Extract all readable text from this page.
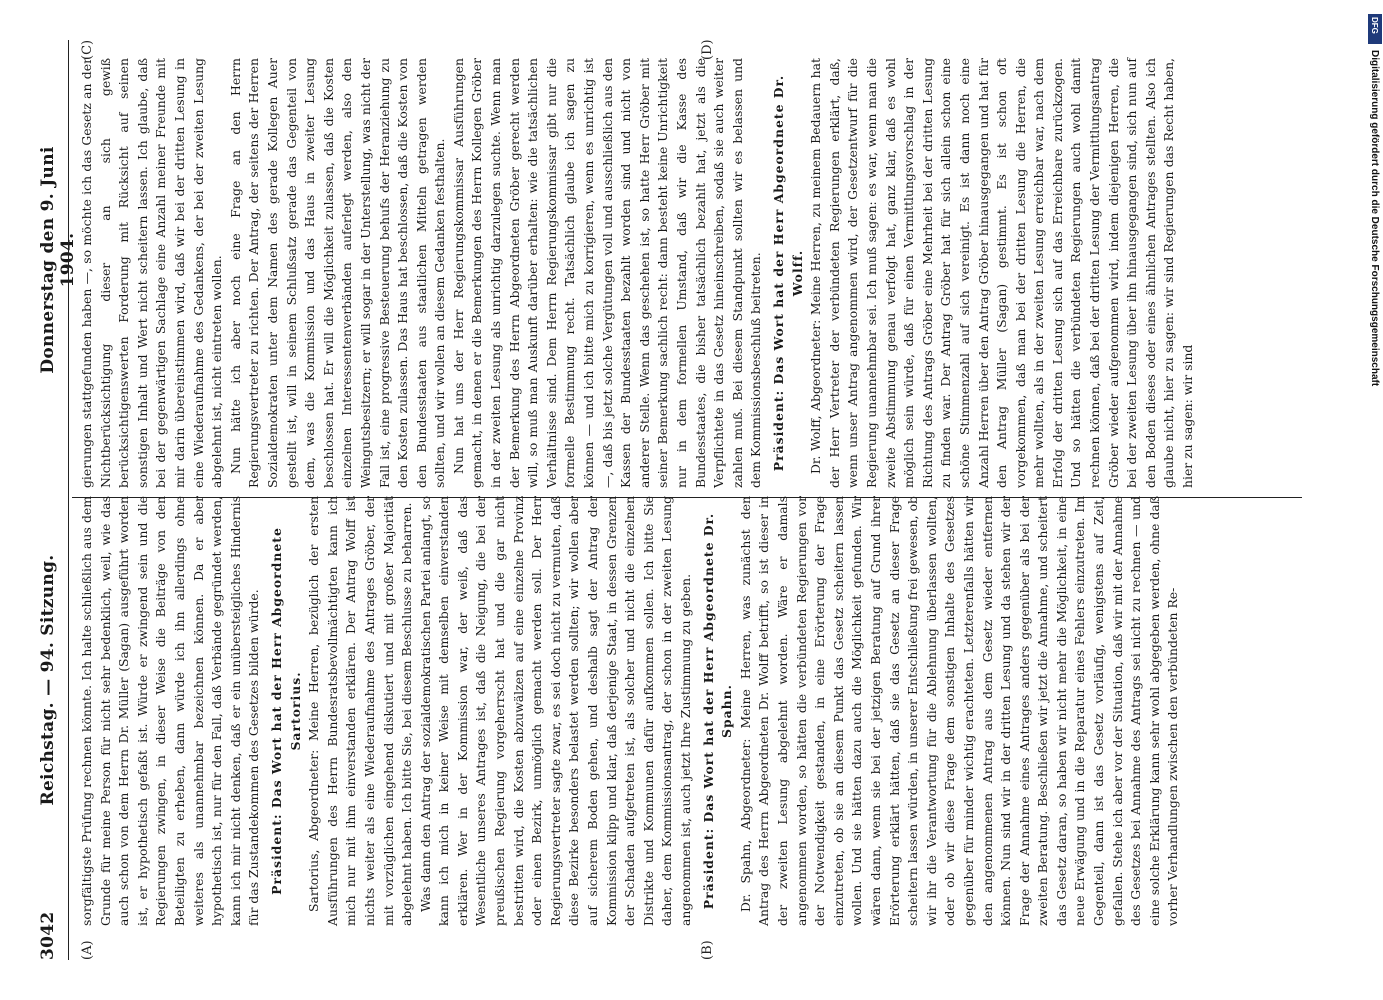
3042
Reichstag. — 94. Sitzung.
Donnerstag den 9. Juni 1904.
(A)	(B)
(C)	(D)

sorgfältigste Prüfung rechnen könnte. Ich halte schließlich aus dem Grunde für meine Person für nicht sehr bedenklich, weil, wie das auch schon von dem Herrn Dr. Müller (Sagan) ausgeführt worden ist, er hypothetisch gefaßt ist. Würde er zwingend sein und die Regierungen zwingen, in dieser Weise die Beiträge von den Beteiligten zu erheben, dann würde ich ihn allerdings ohne weiteres als unannehmbar bezeichnen können. Da er aber hypothetisch ist, nur für den Fall, daß Verbände gegründet werden, kann ich mir nicht denken, daß er ein unübersteigliches Hindernis für das Zustandekommen des Gesetzes bilden würde. Präsident: Das Wort hat der Herr Abgeordnete Sartorius. Sartorius, Abgeordneter: Meine Herren, bezüglich der ersten Ausführungen des Herrn Bundesratsbevollmächtigten kann ich mich nur mit ihm einverstanden erklären. Der Antrag Wolff ist nichts weiter als eine Wiederaufnahme des Antrages Gröber, der mit vorzüglichen eingehend diskutiert und mit großer Majorität abgelehnt haben. Ich bitte Sie, bei diesem Beschlusse zu beharren. Was dann den Antrag der sozialdemokratischen Partei anlangt, so kann ich mich in keiner Weise mit demselben einverstanden erklären. Wer in der Kommission war, der weiß, daß das Wesentliche unseres Antrages ist, daß die Neigung, die bei der preußischen Regierung vorgeherrscht hat und die gar nicht bestritten wird, die Kosten abzuwälzen auf eine einzelne Provinz oder einen Bezirk, unmöglich gemacht werden soll. Der Herr Regierungsvertreter sagte zwar, es sei doch nicht zu vermuten, daß diese Bezirke besonders belastet werden sollten; wir wollen aber auf sicherem Boden gehen, und deshalb sagt der Antrag der Kommission klipp und klar, daß derjenige Staat, in dessen Grenzen der Schaden aufgetreten ist, als solcher und nicht die einzelnen Distrikte und Kommunen dafür aufkommen sollen. Ich bitte Sie daher, dem Kommissionsantrag, der schon in der zweiten Lesung angenommen ist, auch jetzt Ihre Zustimmung zu geben. Präsident: Das Wort hat der Herr Abgeordnete Dr. Spahn. Dr. Spahn, Abgeordneter: Meine Herren, was zunächst den Antrag des Herrn Abgeordneten Dr. Wolff betrifft, so ist dieser in der zweiten Lesung abgelehnt worden. Wäre er damals angenommen worden, so hätten die verbündeten Regierungen vor der Notwendigkeit gestanden, in eine Erörterung der Frage einzutreten, ob sie an diesem Punkt das Gesetz scheitern lassen wollen. Und sie hätten dazu auch die Möglichkeit gefunden. Wir wären dann, wenn sie bei der jetzigen Beratung auf Grund ihrer Erörterung erklärt hätten, daß sie das Gesetz an dieser Frage scheitern lassen würden, in unserer Entschließung frei gewesen, ob wir ihr die Verantwortung für die Ablehnung überlassen wollten, oder ob wir diese Frage dem sonstigen Inhalte des Gesetzes gegenüber für minder wichtig erachteten. Letzterenfalls hätten wir den angenommenen Antrag aus dem Gesetz wieder entfernen können. Nun sind wir in der dritten Lesung und da stehen wir der Frage der Annahme eines Antrages anders gegenüber als bei der zweiten Beratung. Beschließen wir jetzt die Annahme, und scheitert das Gesetz daran, so haben wir nicht mehr die Möglichkeit, in eine neue Erwägung und in die Reparatur eines Fehlers einzutreten. Im Gegenteil, dann ist das Gesetz vorläufig, wenigstens auf Zeit, gefallen. Stehe ich aber vor der Situation, daß wir mit der Annahme des Gesetzes bei Annahme des Antrags sei nicht zu rechnen — und eine solche Erklärung kann sehr wohl abgegeben werden, ohne daß vorher Verhandlungen zwischen den verbündeten Re-

gierungen stattgefunden haben —, so möchte ich das Gesetz an der Nichtberücksichtigung dieser an sich gewiß berücksichtigenswerten Forderung mit Rücksicht auf seinen sonstigen Inhalt und Wert nicht scheitern lassen. Ich glaube, daß bei der gegenwärtigen Sachlage eine Anzahl meiner Freunde mit mir darin übereinstimmen wird, daß wir bei der dritten Lesung in eine Wiederaufnahme des Gedankens, der bei der zweiten Lesung abgelehnt ist, nicht eintreten wollen. Nun hätte ich aber noch eine Frage an den Herrn Regierungsvertreter zu richten. Der Antrag, der seitens der Herren Sozialdemokraten unter dem Namen des gerade Kollegen Auer gestellt ist, will in seinem Schlußsatz gerade das Gegenteil von dem, was die Kommission und das Haus in zweiter Lesung beschlossen hat. Er will die Möglichkeit zulassen, daß die Kosten einzelnen Interessentenverbänden auferlegt werden, also den Weingutsbesitzern; er will sogar in der Unterstellung, was nicht der Fall ist, eine progressive Besteuerung behufs der Heranziehung zu den Kosten zulassen. Das Haus hat beschlossen, daß die Kosten von den Bundesstaaten aus staatlichen Mitteln getragen werden sollten, und wir wollen an diesem Gedanken festhalten. Nun hat uns der Herr Regierungskommissar Ausführungen gemacht, in denen er die Bemerkungen des Herrn Kollegen Gröber in der zweiten Lesung als unrichtig darzulegen suchte. Wenn man der Bemerkung des Herrn Abgeordneten Gröber gerecht werden will, so muß man Auskunft darüber erhalten: wie die tatsächlichen Verhältnisse sind. Dem Herrn Regierungskommissar gibt nur die formelle Bestimmung recht. Tatsächlich glaube ich sagen zu können — und ich bitte mich zu korrigieren, wenn es unrichtig ist —, daß bis jetzt solche Vergütungen voll und ausschließlich aus den Kassen der Bundesstaaten bezahlt worden sind und nicht von anderer Stelle. Wenn das geschehen ist, so hatte Herr Gröber mit seiner Bemerkung sachlich recht: dann besteht keine Unrichtigkeit nur in dem formellen Umstand, daß wir die Kasse des Bundesstaates, die bisher tatsächlich bezahlt hat, jetzt als die Verpflichtete in das Gesetz hineinschreiben, sodaß sie auch weiter zahlen muß. Bei diesem Standpunkt sollten wir es belassen und dem Kommissionsbeschluß beitreten. Präsident: Das Wort hat der Herr Abgeordnete Dr. Wolff. Dr. Wolff, Abgeordneter: Meine Herren, zu meinem Bedauern hat der Herr Vertreter der verbündeten Regierungen erklärt, daß, wenn unser Antrag angenommen wird, der Gesetzentwurf für die Regierung unannehmbar sei. Ich muß sagen: es war, wenn man die zweite Abstimmung genau verfolgt hat, ganz klar, daß es wohl möglich sein würde, daß für einen Vermittlungsvorschlag in der Richtung des Antrags Gröber eine Mehrheit bei der dritten Lesung zu finden war. Der Antrag Gröber hat für sich allein schon eine schöne Stimmenzahl auf sich vereinigt. Es ist dann noch eine Anzahl Herren über den Antrag Gröber hinausgegangen und hat für den Antrag Müller (Sagan) gestimmt. Es ist schon oft vorgekommen, daß man bei der dritten Lesung die Herren, die mehr wollten, als in der zweiten Lesung erreichbar war, nach dem Erfolg der dritten Lesung sich auf das Erreichbare zurückzogen. Und so hätten die verbündeten Regierungen auch wohl damit rechnen können, daß bei der dritten Lesung der Vermittlungsantrag Gröber wieder aufgenommen wird, indem diejenigen Herren, die bei der zweiten Lesung über ihn hinausgegangen sind, sich nun auf den Boden dieses oder eines ähnlichen Antrages stellten. Also ich glaube nicht, hier zu sagen: wir sind Regierungen das Recht haben, hier zu sagen: wir sind

DFG
Digitalisierung gefördert durch die Deutsche Forschungsgemeinschaft
